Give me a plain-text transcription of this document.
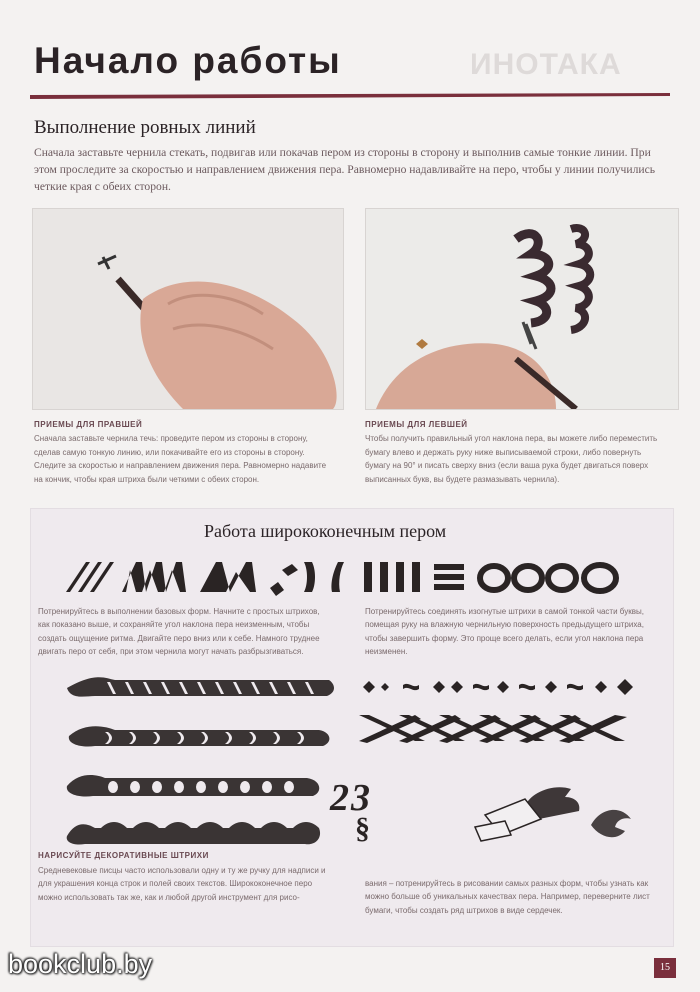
Начало работы	ИНОТАКА
Выполнение ровных линий
Сначала заставьте чернила стекать, подвигав или покачав пером из стороны в сторону и выполнив самые тонкие линии. При этом проследите за скоростью и направлением движения пера. Равномерно надавливайте на перо, чтобы у линии получились четкие края с обеих сторон.
ПРИЕМЫ ДЛЯ ПРАВШЕЙ
Сначала заставьте чернила течь: проведите пером из стороны в сторону, сделав самую тонкую линию, или покачивайте его из стороны в сторону. Следите за скоростью и направлением движения пера. Равномерно надавите на кончик, чтобы края штриха были четкими с обеих сторон.
ПРИЕМЫ ДЛЯ ЛЕВШЕЙ
Чтобы получить правильный угол наклона пера, вы можете либо переместить бумагу влево и держать руку ниже выписываемой строки, либо повернуть бумагу на 90° и писать сверху вниз (если ваша рука будет двигаться поверх выписанных букв, вы будете размазывать чернила).
Работа ширококонечным пером
Потренируйтесь в выполнении базовых форм. Начните с простых штрихов, как показано выше, и сохраняйте угол наклона пера неизменным, чтобы создать ощущение ритма. Двигайте перо вниз или к себе. Намного труднее двигать перо от себя, при этом чернила могут начать разбрызгиваться.
Потренируйтесь соединять изогнутые штрихи в самой тонкой части буквы, помещая руку на влажную чернильную поверхность предыдущего штриха, чтобы завершить форму. Это проще всего делать, если угол наклона пера неизменен.
23
§
НАРИСУЙТЕ ДЕКОРАТИВНЫЕ ШТРИХИ
Средневековые писцы часто использовали одну и ту же ручку для надписи и для украшения конца строк и полей своих текстов. Ширококонечное перо можно использовать так же, как и любой другой инструмент для рисо-
вания – потренируйтесь в рисовании самых разных форм, чтобы узнать как можно больше об уникальных качествах пера. Например, переверните лист бумаги, чтобы создать ряд штрихов в виде сердечек.
bookclub.by	15
